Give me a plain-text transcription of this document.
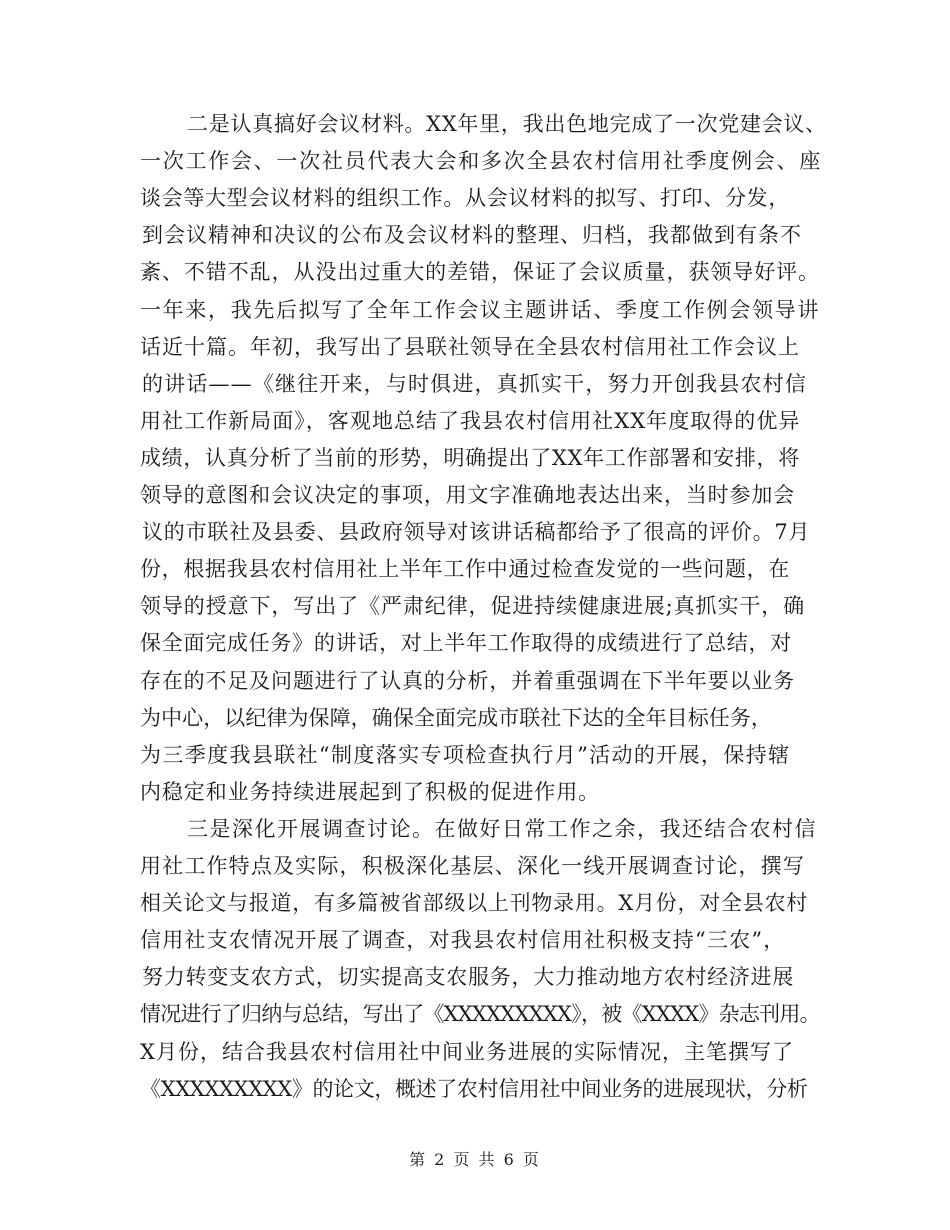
二是认真搞好会议材料。XX年里，我出色地完成了一次党建会议、
一次工作会、一次社员代表大会和多次全县农村信用社季度例会、座
谈会等大型会议材料的组织工作。从会议材料的拟写、打印、分发，
到会议精神和决议的公布及会议材料的整理、归档，我都做到有条不
紊、不错不乱，从没出过重大的差错，保证了会议质量，获领导好评。
一年来，我先后拟写了全年工作会议主题讲话、季度工作例会领导讲
话近十篇。年初，我写出了县联社领导在全县农村信用社工作会议上
的讲话——《继往开来，与时俱进，真抓实干，努力开创我县农村信
用社工作新局面》，客观地总结了我县农村信用社XX年度取得的优异
成绩，认真分析了当前的形势，明确提出了XX年工作部署和安排，将
领导的意图和会议决定的事项，用文字准确地表达出来，当时参加会
议的市联社及县委、县政府领导对该讲话稿都给予了很高的评价。7月
份，根据我县农村信用社上半年工作中通过检查发觉的一些问题，在
领导的授意下，写出了《严肃纪律，促进持续健康进展;真抓实干，确
保全面完成任务》的讲话，对上半年工作取得的成绩进行了总结，对
存在的不足及问题进行了认真的分析，并着重强调在下半年要以业务
为中心，以纪律为保障，确保全面完成市联社下达的全年目标任务，
为三季度我县联社“制度落实专项检查执行月”活动的开展，保持辖
内稳定和业务持续进展起到了积极的促进作用。
三是深化开展调查讨论。在做好日常工作之余，我还结合农村信
用社工作特点及实际，积极深化基层、深化一线开展调查讨论，撰写
相关论文与报道，有多篇被省部级以上刊物录用。X月份，对全县农村
信用社支农情况开展了调查，对我县农村信用社积极支持“三农”，
努力转变支农方式，切实提高支农服务，大力推动地方农村经济进展
情况进行了归纳与总结，写出了《XXXXXXXXX》，被《XXXX》杂志刊用。
X月份，结合我县农村信用社中间业务进展的实际情况，主笔撰写了
《XXXXXXXXX》的论文，概述了农村信用社中间业务的进展现状，分析
第 2 页 共 6 页
